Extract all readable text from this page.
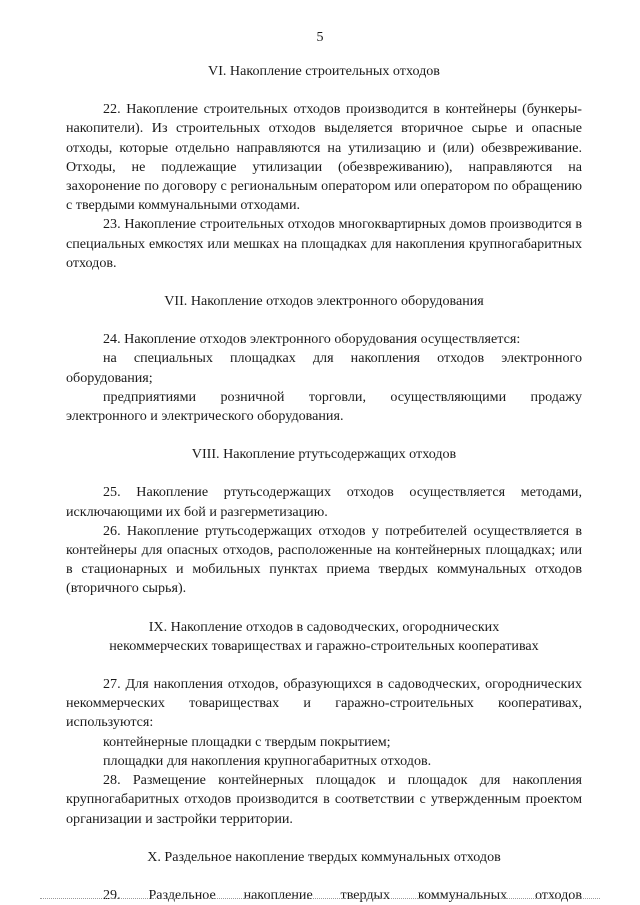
5
VI. Накопление строительных отходов

22. Накопление строительных отходов производится в контейнеры (бункеры-накопители). Из строительных отходов выделяется вторичное сырье и опасные отходы, которые отдельно направляются на утилизацию и (или) обезвреживание. Отходы, не подлежащие утилизации (обезвреживанию), направляются на захоронение по договору с региональным оператором или оператором по обращению с твердыми коммунальными отходами.

23. Накопление строительных отходов многоквартирных домов производится в специальных емкостях или мешках на площадках для накопления крупногабаритных отходов.

VII. Накопление отходов электронного оборудования

24. Накопление отходов электронного оборудования осуществляется:

на специальных площадках для накопления отходов электронного оборудования;

предприятиями розничной торговли, осуществляющими продажу электронного и электрического оборудования.

VIII. Накопление ртутьсодержащих отходов

25. Накопление ртутьсодержащих отходов осуществляется методами, исключающими их бой и разгерметизацию.

26. Накопление ртутьсодержащих отходов у потребителей осуществляется в контейнеры для опасных отходов, расположенные на контейнерных площадках; или в стационарных и мобильных пунктах приема твердых коммунальных отходов (вторичного сырья).

IX. Накопление отходов в садоводческих, огороднических
некоммерческих товариществах и гаражно-строительных кооперативах

27. Для накопления отходов, образующихся в садоводческих, огороднических некоммерческих товариществах и гаражно-строительных кооперативах, используются:

контейнерные площадки с твердым покрытием;

площадки для накопления крупногабаритных отходов.

28. Размещение контейнерных площадок и площадок для накопления крупногабаритных отходов производится в соответствии с утвержденным проектом организации и застройки территории.

X. Раздельное накопление твердых коммунальных отходов

29. Раздельное накопление твердых коммунальных отходов
